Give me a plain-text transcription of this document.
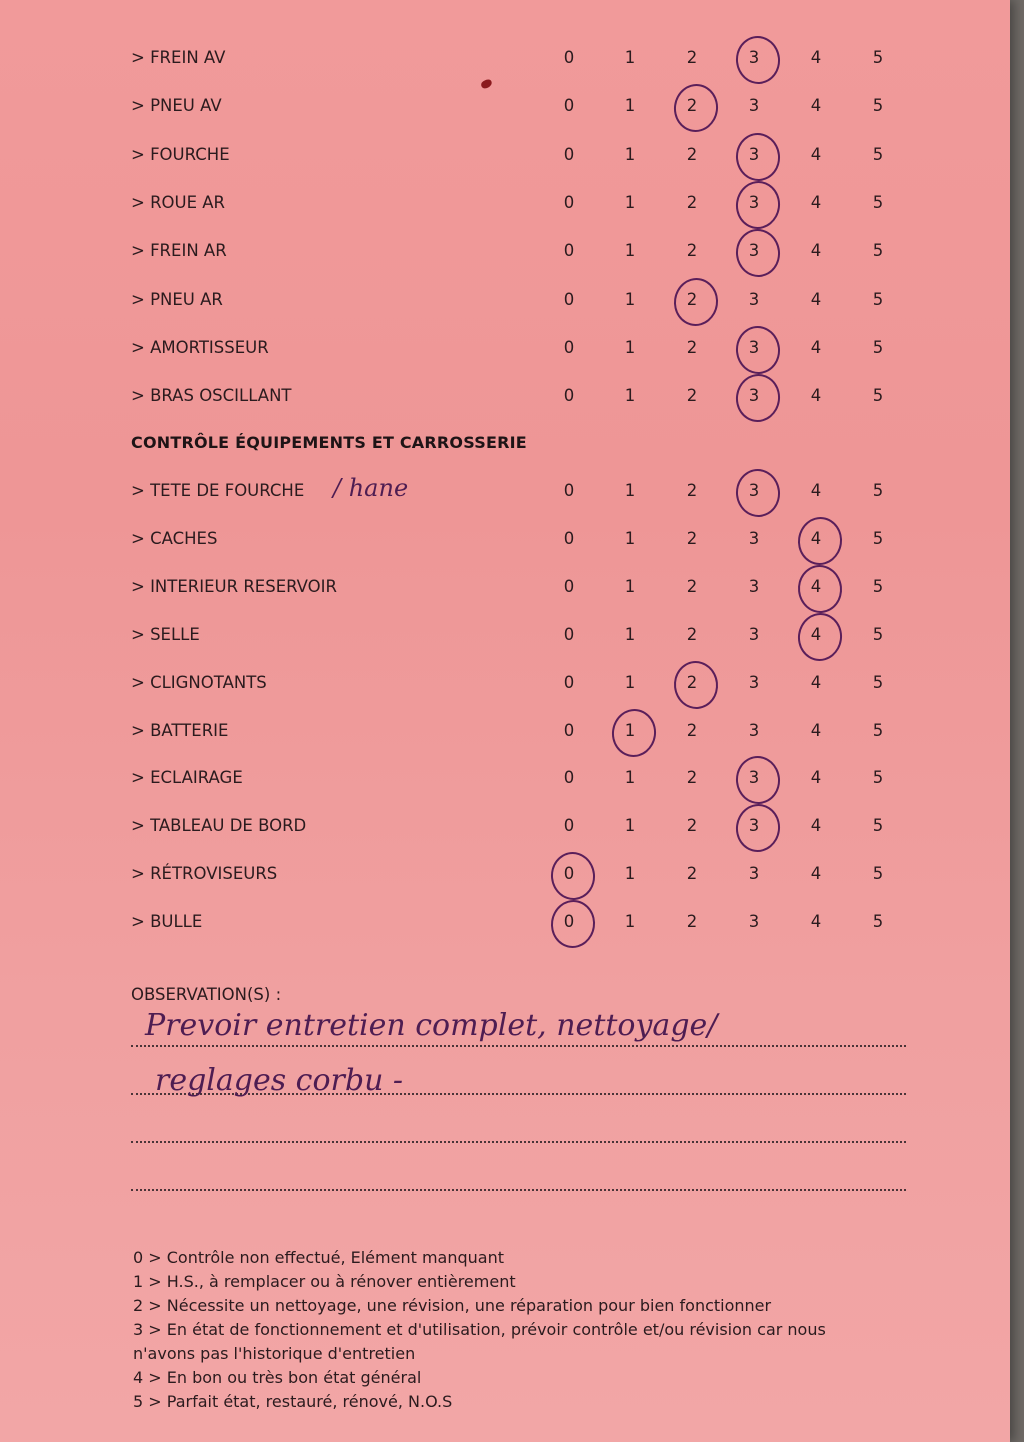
> FREIN AV	0	1	2	3	4	5
> PNEU AV	0	1	2	3	4	5
> FOURCHE	0	1	2	3	4	5
> ROUE AR	0	1	2	3	4	5
> FREIN AR	0	1	2	3	4	5
> PNEU AR	0	1	2	3	4	5
> AMORTISSEUR	0	1	2	3	4	5
> BRAS OSCILLANT	0	1	2	3	4	5
CONTRÔLE ÉQUIPEMENTS ET CARROSSERIE
> TETE DE FOURCHE	0	1	2	3	4	5
> CACHES	0	1	2	3	4	5
> INTERIEUR RESERVOIR	0	1	2	3	4	5
> SELLE	0	1	2	3	4	5
> CLIGNOTANTS	0	1	2	3	4	5
> BATTERIE	0	1	2	3	4	5
> ECLAIRAGE	0	1	2	3	4	5
> TABLEAU DE BORD	0	1	2	3	4	5
> RÉTROVISEURS	0	1	2	3	4	5
> BULLE	0	1	2	3	4	5
/ hane
OBSERVATION(S) :
Prevoir entretien complet, nettoyage/
reglages corbu -
0 > Contrôle non effectué, Elément manquant
1 > H.S., à remplacer ou à rénover entièrement
2 > Nécessite un nettoyage, une révision, une réparation pour bien fonctionner
3 > En état de fonctionnement et d'utilisation, prévoir contrôle et/ou révision car nous
n'avons pas l'historique d'entretien
4 > En bon ou très bon état général
5 > Parfait état, restauré, rénové, N.O.S
